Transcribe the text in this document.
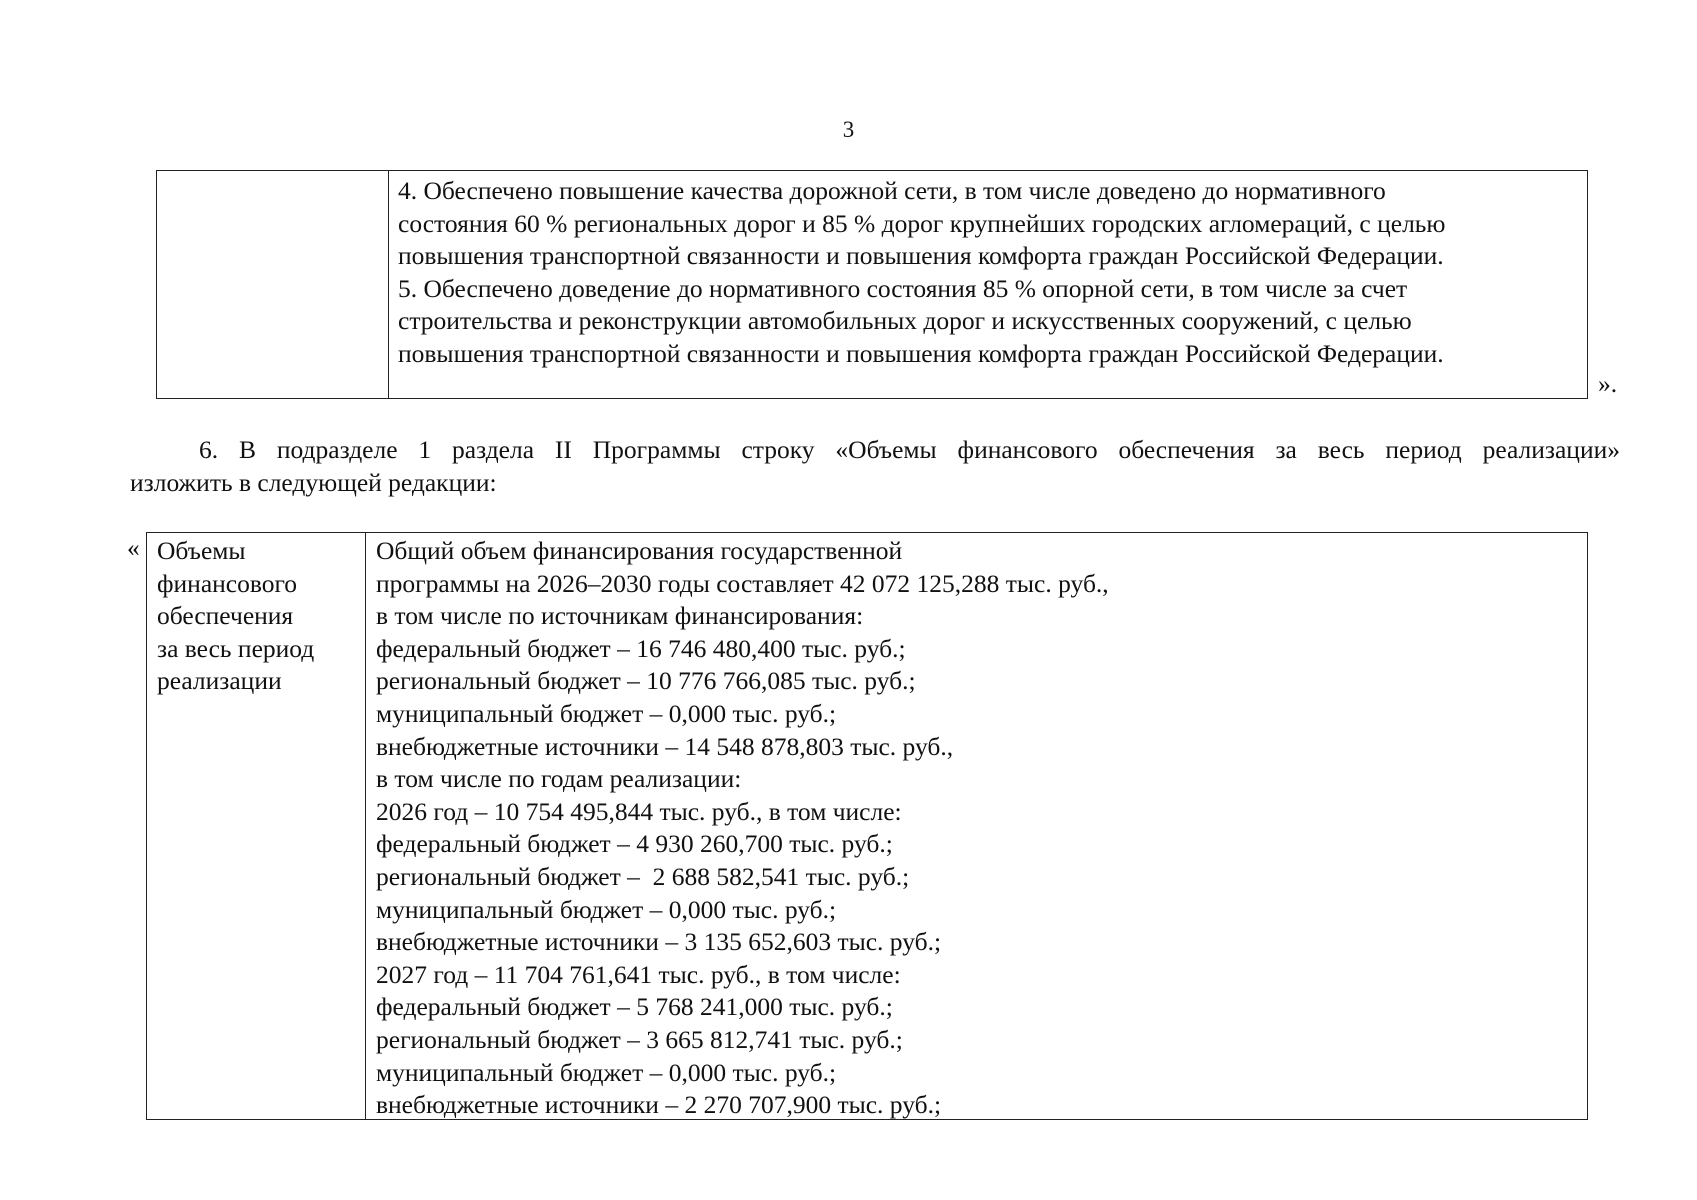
3

4. Обеспечено повышение качества дорожной сети, в том числе доведено до нормативного

состояния 60 % региональных дорог и 85 % дорог крупнейших городских агломераций, с целью

повышения транспортной связанности и повышения комфорта граждан Российской Федерации.

5. Обеспечено доведение до нормативного состояния 85 % опорной сети, в том числе за счет

строительства и реконструкции автомобильных дорог и искусственных сооружений, с целью

повышения транспортной связанности и повышения комфорта граждан Российской Федерации.

».

6. В подразделе 1 раздела II Программы строку «Объемы финансового обеспечения за весь период реализации»

изложить в следующей редакции:

« Объемы

финансового

обеспечения

за весь период

реализации

Общий объем финансирования государственной

программы на 2026–2030 годы составляет 42 072 125,288 тыс. руб.,

в том числе по источникам финансирования:

федеральный бюджет – 16 746 480,400 тыс. руб.;

региональный бюджет – 10 776 766,085 тыс. руб.;

муниципальный бюджет – 0,000 тыс. руб.;

внебюджетные источники – 14 548 878,803 тыс. руб.,

в том числе по годам реализации:

2026 год – 10 754 495,844 тыс. руб., в том числе:

федеральный бюджет – 4 930 260,700 тыс. руб.;

региональный бюджет –  2 688 582,541 тыс. руб.;

муниципальный бюджет – 0,000 тыс. руб.;

внебюджетные источники – 3 135 652,603 тыс. руб.;

2027 год – 11 704 761,641 тыс. руб., в том числе:

федеральный бюджет – 5 768 241,000 тыс. руб.;

региональный бюджет – 3 665 812,741 тыс. руб.;

муниципальный бюджет – 0,000 тыс. руб.;

внебюджетные источники – 2 270 707,900 тыс. руб.;
